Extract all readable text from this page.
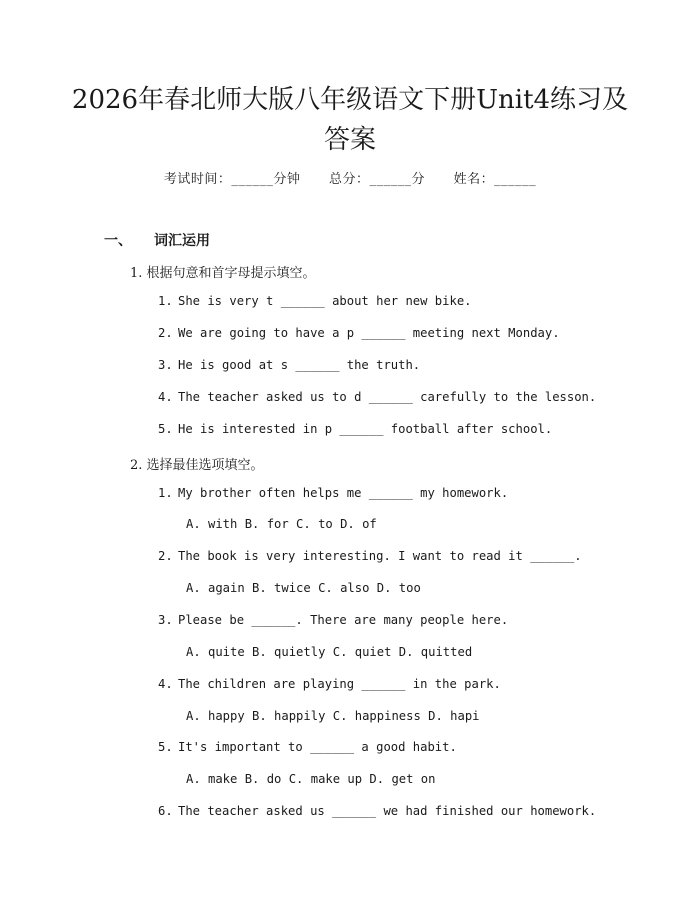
2026年春北师大版八年级语文下册Unit4练习及答案
考试时间：______分钟 总分：______分 姓名：______
一、 词汇运用
1. 根据句意和首字母提示填空。
1. She is very t ______ about her new bike.
2. We are going to have a p ______ meeting next Monday.
3. He is good at s ______ the truth.
4. The teacher asked us to d ______ carefully to the lesson.
5. He is interested in p ______ football after school.
2. 选择最佳选项填空。
1. My brother often helps me ______ my homework.
A. with B. for C. to D. of
2. The book is very interesting. I want to read it ______.
A. again B. twice C. also D. too
3. Please be ______. There are many people here.
A. quite B. quietly C. quiet D. quitted
4. The children are playing ______ in the park.
A. happy B. happily C. happiness D. hapi
5. It's important to ______ a good habit.
A. make B. do C. make up D. get on
6. The teacher asked us ______ we had finished our homework.
